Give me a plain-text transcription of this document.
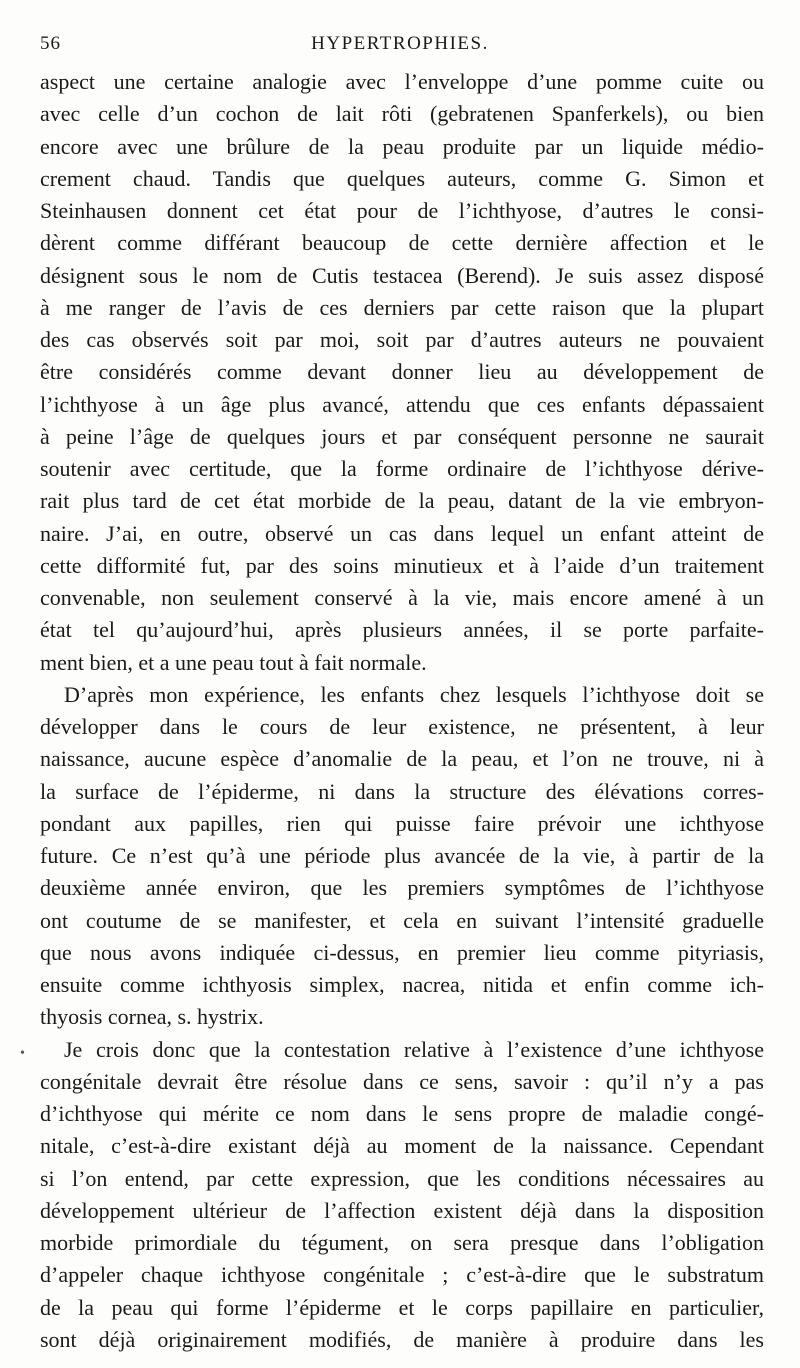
56	HYPERTROPHIES.
aspect une certaine analogie avec l’enveloppe d’une pomme cuite ou
avec celle d’un cochon de lait rôti (gebratenen Spanferkels), ou bien
encore avec une brûlure de la peau produite par un liquide médio-
crement chaud. Tandis que quelques auteurs, comme G. Simon et
Steinhausen donnent cet état pour de l’ichthyose, d’autres le consi-
dèrent comme différant beaucoup de cette dernière affection et le
désignent sous le nom de Cutis testacea (Berend). Je suis assez disposé
à me ranger de l’avis de ces derniers par cette raison que la plupart
des cas observés soit par moi, soit par d’autres auteurs ne pouvaient
être considérés comme devant donner lieu au développement de
l’ichthyose à un âge plus avancé, attendu que ces enfants dépassaient
à peine l’âge de quelques jours et par conséquent personne ne saurait
soutenir avec certitude, que la forme ordinaire de l’ichthyose dérive-
rait plus tard de cet état morbide de la peau, datant de la vie embryon-
naire. J’ai, en outre, observé un cas dans lequel un enfant atteint de
cette difformité fut, par des soins minutieux et à l’aide d’un traitement
convenable, non seulement conservé à la vie, mais encore amené à un
état tel qu’aujourd’hui, après plusieurs années, il se porte parfaite-
ment bien, et a une peau tout à fait normale.
D’après mon expérience, les enfants chez lesquels l’ichthyose doit se
développer dans le cours de leur existence, ne présentent, à leur
naissance, aucune espèce d’anomalie de la peau, et l’on ne trouve, ni à
la surface de l’épiderme, ni dans la structure des élévations corres-
pondant aux papilles, rien qui puisse faire prévoir une ichthyose
future. Ce n’est qu’à une période plus avancée de la vie, à partir de la
deuxième année environ, que les premiers symptômes de l’ichthyose
ont coutume de se manifester, et cela en suivant l’intensité graduelle
que nous avons indiquée ci-dessus, en premier lieu comme pityriasis,
ensuite comme ichthyosis simplex, nacrea, nitida et enfin comme ich-
thyosis cornea, s. hystrix.
Je crois donc que la contestation relative à l’existence d’une ichthyose
congénitale devrait être résolue dans ce sens, savoir : qu’il n’y a pas
d’ichthyose qui mérite ce nom dans le sens propre de maladie congé-
nitale, c’est-à-dire existant déjà au moment de la naissance. Cependant
si l’on entend, par cette expression, que les conditions nécessaires au
développement ultérieur de l’affection existent déjà dans la disposition
morbide primordiale du tégument, on sera presque dans l’obligation
d’appeler chaque ichthyose congénitale ; c’est-à-dire que le substratum
de la peau qui forme l’épiderme et le corps papillaire en particulier,
sont déjà originairement modifiés, de manière à produire dans les
•
